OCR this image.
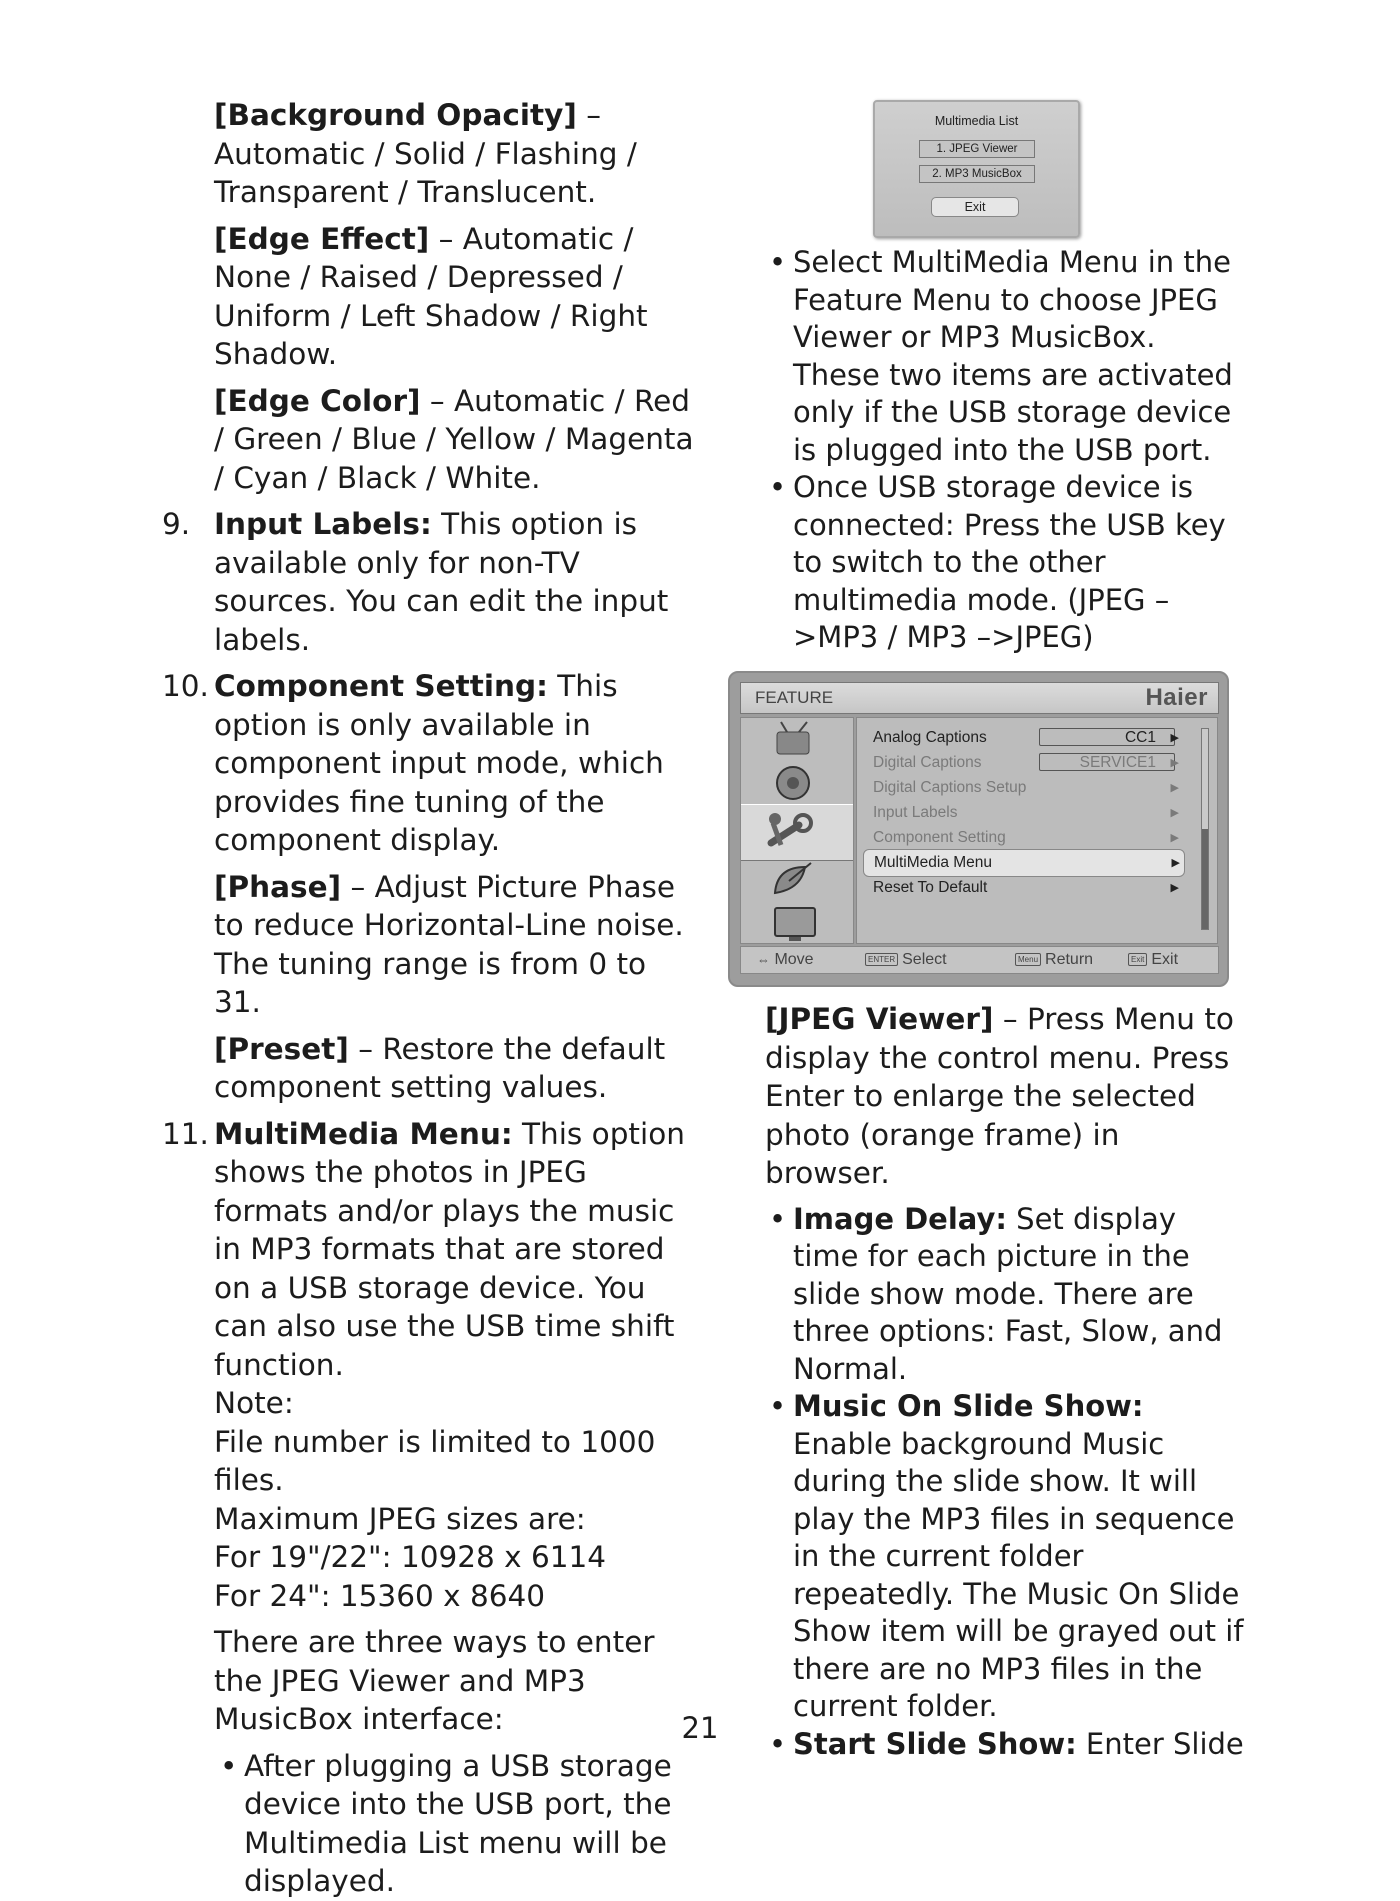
[Background Opacity] – Automatic / Solid / Flashing / Transparent / Translucent.

[Edge Effect] – Automatic / None / Raised / Depressed / Uniform / Left Shadow / Right Shadow.

[Edge Color] – Automatic / Red / Green / Blue / Yellow / Magenta / Cyan / Black / White.

9. Input Labels: This option is available only for non-TV sources. You can edit the input labels.
10. Component Setting: This option is only available in component input mode, which provides fine tuning of the component display.

[Phase] – Adjust Picture Phase to reduce Horizontal-Line noise. The tuning range is from 0 to 31.

[Preset] – Restore the default component setting values.

11. MultiMedia Menu: This option shows the photos in JPEG formats and/or plays the music in MP3 formats that are stored on a USB storage device. You can also use the USB time shift function.
Note:
File number is limited to 1000 files.
Maximum JPEG sizes are:
For 19"/22": 10928 x 6114
For 24": 15360 x 8640
There are three ways to enter the JPEG Viewer and MP3 MusicBox interface:
• After plugging a USB storage device into the USB port, the Multimedia List menu will be displayed.
Multimedia List
1. JPEG Viewer
2. MP3 MusicBox
Exit
• Select MultiMedia Menu in the Feature Menu to choose JPEG Viewer or MP3 MusicBox. These two items are activated only if the USB storage device is plugged into the USB port.
• Once USB storage device is connected: Press the USB key to switch to the other multimedia mode. (JPEG –>MP3 / MP3 –>JPEG)
FEATURE	Haier
Analog Captions	CC1	▶
Digital Captions	SERVICE1	▶
Digital Captions Setup	▶
Input Labels	▶
Component Setting	▶
MultiMedia Menu	▶
Reset To Default	▶
⇔ Move	ENTER Select	Menu Return	Exit Exit

[JPEG Viewer] – Press Menu to display the control menu. Press Enter to enlarge the selected photo (orange frame) in browser.

• Image Delay: Set display time for each picture in the slide show mode. There are three options: Fast, Slow, and Normal.
• Music On Slide Show: Enable background Music during the slide show. It will play the MP3 files in sequence in the current folder repeatedly. The Music On Slide Show item will be grayed out if there are no MP3 files in the current folder.
• Start Slide Show: Enter Slide
21
